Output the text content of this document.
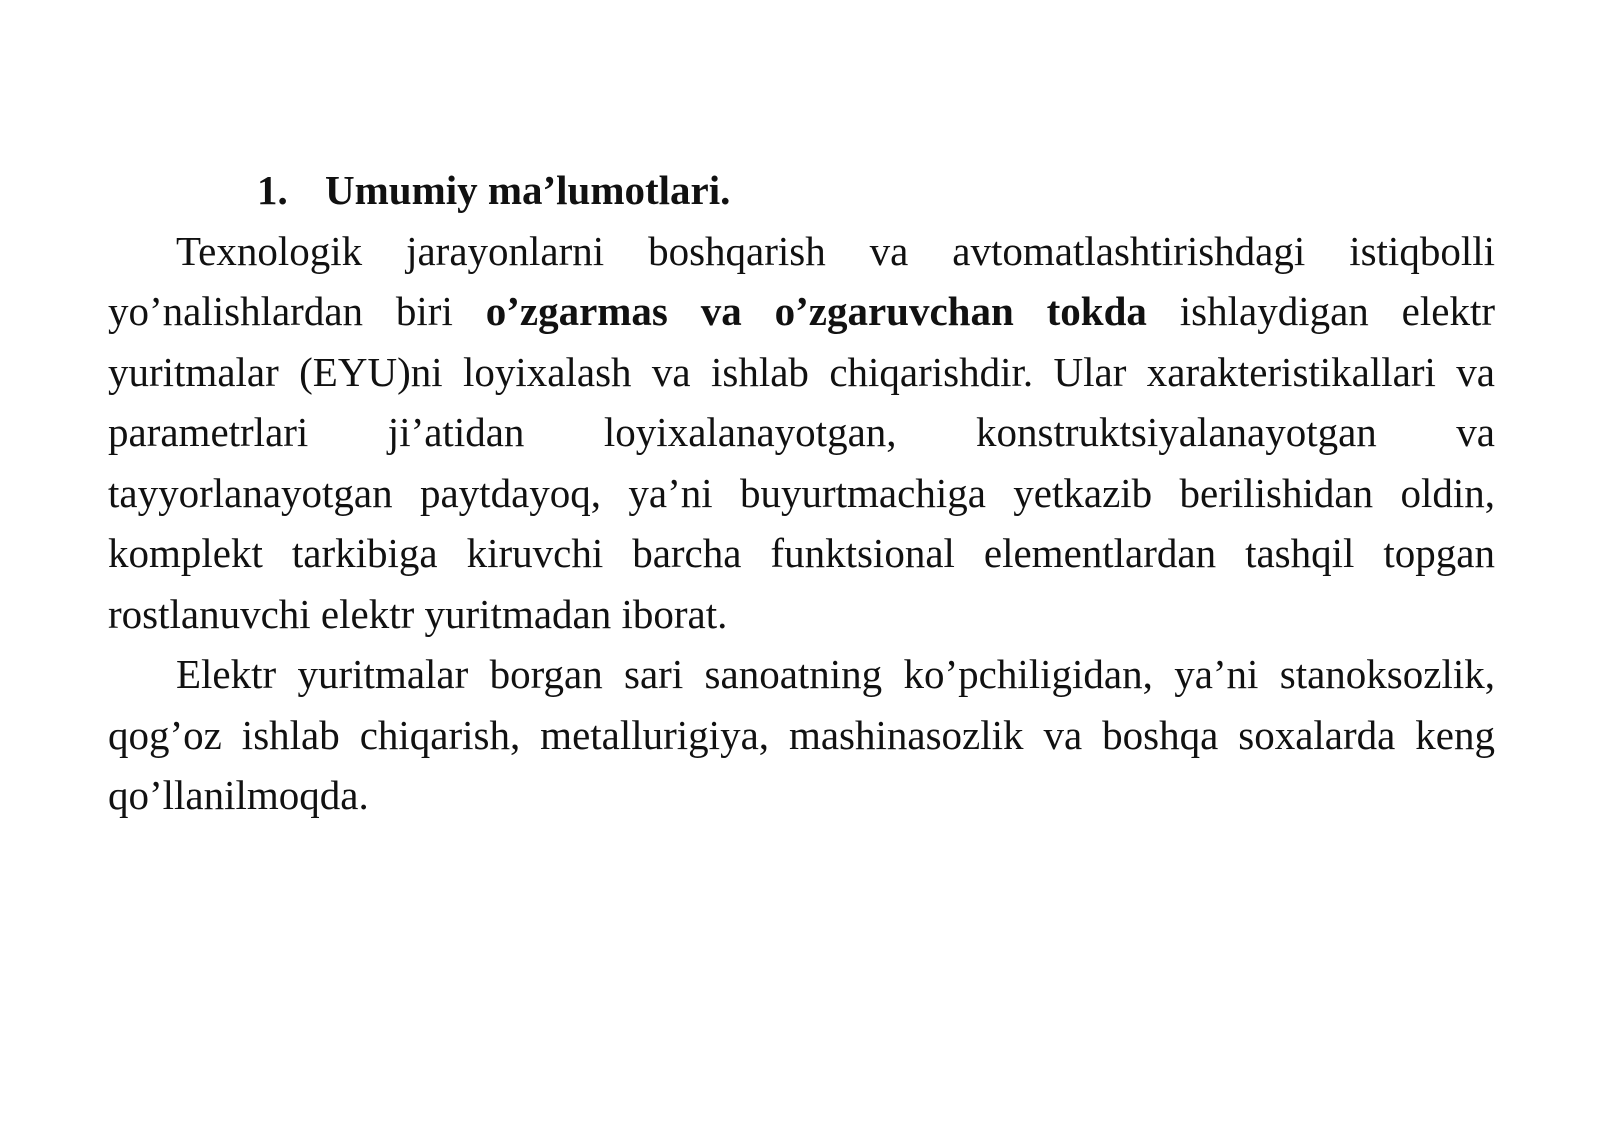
1. Umumiy ma’lumotlari.

Texnologik jarayonlarni boshqarish va avtomatlashtirishdagi istiqbolli yo’nalishlardan biri o’zgarmas va o’zgaruvchan tokda ishlaydigan elektr yuritmalar (EYU)ni loyixalash va ishlab chiqarishdir. Ular xarakteristikallari va parametrlari ji’atidan loyixalanayotgan, konstruktsiyalanayotgan va tayyorlanayotgan paytdayoq, ya’ni buyurtmachiga yetkazib berilishidan oldin, komplekt tarkibiga kiruvchi barcha funktsional elementlardan tashqil topgan rostlanuvchi elektr yuritmadan iborat.

Elektr yuritmalar borgan sari sanoatning ko’pchiligidan, ya’ni stanoksozlik, qog’oz ishlab chiqarish, metallurigiya, mashinasozlik va boshqa soxalarda keng qo’llanilmoqda.
